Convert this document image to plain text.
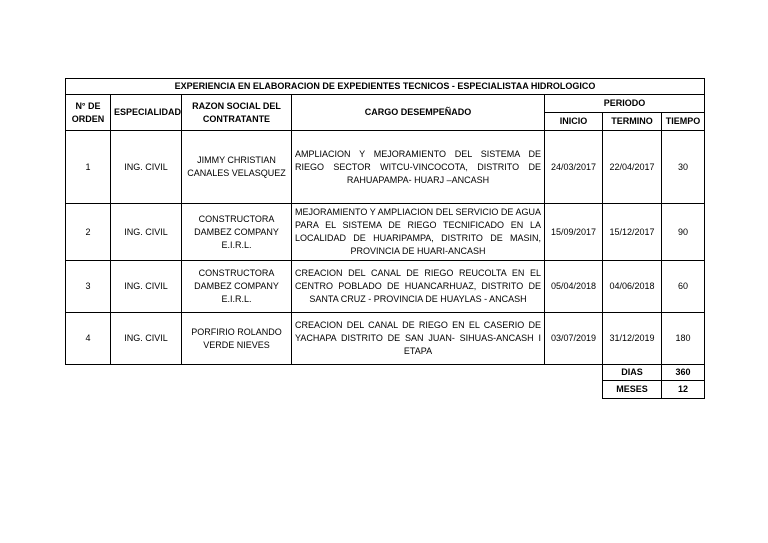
EXPERIENCIA EN ELABORACION DE EXPEDIENTES TECNICOS - ESPECIALISTAA HIDROLOGICO						
N° DE ORDEN	ESPECIALIDAD	RAZON SOCIAL DEL CONTRATANTE	CARGO DESEMPEÑADO	PERIODO		
				INICIO	TERMINO	TIEMPO
1	ING. CIVIL	JIMMY CHRISTIAN CANALES VELASQUEZ	AMPLIACION Y MEJORAMIENTO DEL SISTEMA DE RIEGO SECTOR WITCU-VINCOCOTA, DISTRITO DE RAHUAPAMPA- HUARJ –ANCASH	24/03/2017	22/04/2017	30
2	ING. CIVIL	CONSTRUCTORA DAMBEZ COMPANY E.I.R.L.	MEJORAMIENTO Y AMPLIACION DEL SERVICIO DE AGUA PARA EL SISTEMA DE RIEGO TECNIFICADO EN LA LOCALIDAD DE HUARIPAMPA, DISTRITO DE MASIN, PROVINCIA DE HUARI-ANCASH	15/09/2017	15/12/2017	90
3	ING. CIVIL	CONSTRUCTORA DAMBEZ COMPANY E.I.R.L.	CREACION DEL CANAL DE RIEGO REUCOLTA EN EL CENTRO POBLADO DE HUANCARHUAZ, DISTRITO DE SANTA CRUZ - PROVINCIA DE HUAYLAS - ANCASH	05/04/2018	04/06/2018	60
4	ING. CIVIL	PORFIRIO ROLANDO VERDE NIEVES	CREACION DEL CANAL DE RIEGO EN EL CASERIO DE YACHAPA DISTRITO DE SAN JUAN- SIHUAS-ANCASH I ETAPA	03/07/2019	31/12/2019	180
					DIAS	360
					MESES	12
